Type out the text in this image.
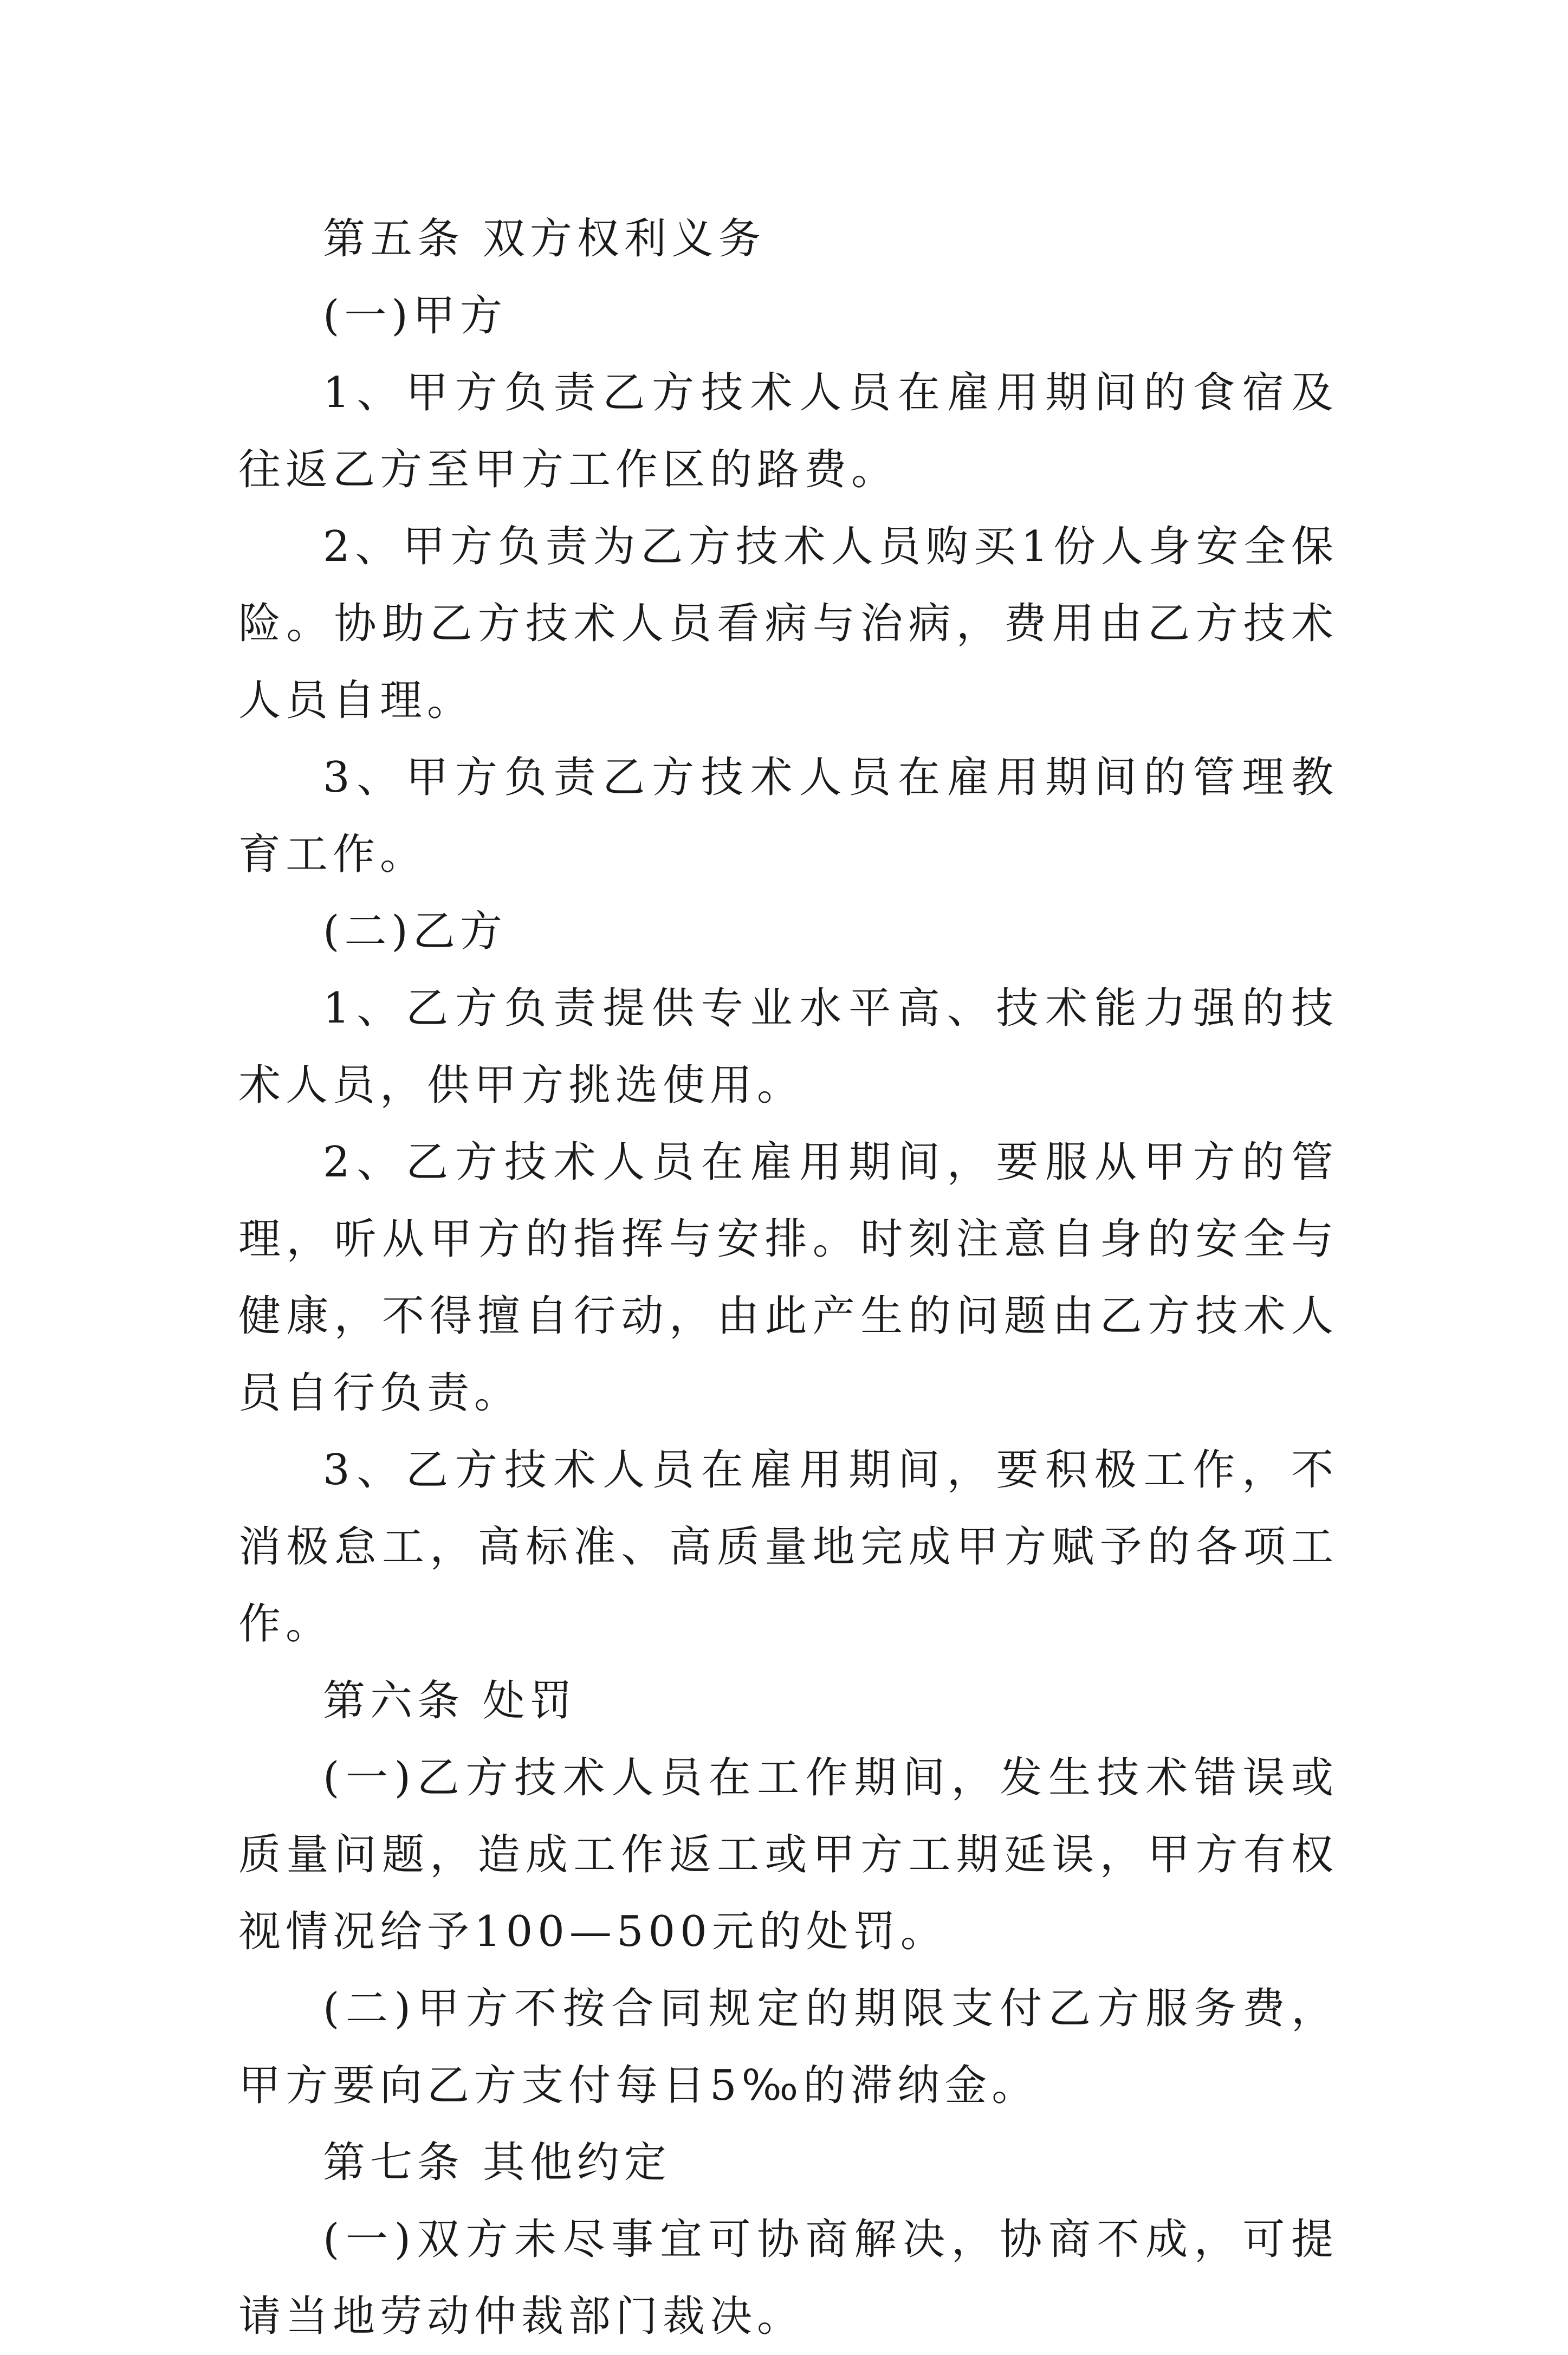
第五条 双方权利义务

(一)甲方

1、甲方负责乙方技术人员在雇用期间的食宿及往返乙方至甲方工作区的路费。

2、甲方负责为乙方技术人员购买1份人身安全保险。协助乙方技术人员看病与治病，费用由乙方技术人员自理。

3、甲方负责乙方技术人员在雇用期间的管理教育工作。

(二)乙方

1、乙方负责提供专业水平高、技术能力强的技术人员，供甲方挑选使用。

2、乙方技术人员在雇用期间，要服从甲方的管理，听从甲方的指挥与安排。时刻注意自身的安全与健康，不得擅自行动，由此产生的问题由乙方技术人员自行负责。

3、乙方技术人员在雇用期间，要积极工作，不消极怠工，高标准、高质量地完成甲方赋予的各项工作。

第六条 处罚

(一)乙方技术人员在工作期间，发生技术错误或质量问题，造成工作返工或甲方工期延误，甲方有权视情况给予100—500元的处罚。

(二)甲方不按合同规定的期限支付乙方服务费，甲方要向乙方支付每日5‰的滞纳金。

第七条 其他约定

(一)双方未尽事宜可协商解决，协商不成，可提请当地劳动仲裁部门裁决。
